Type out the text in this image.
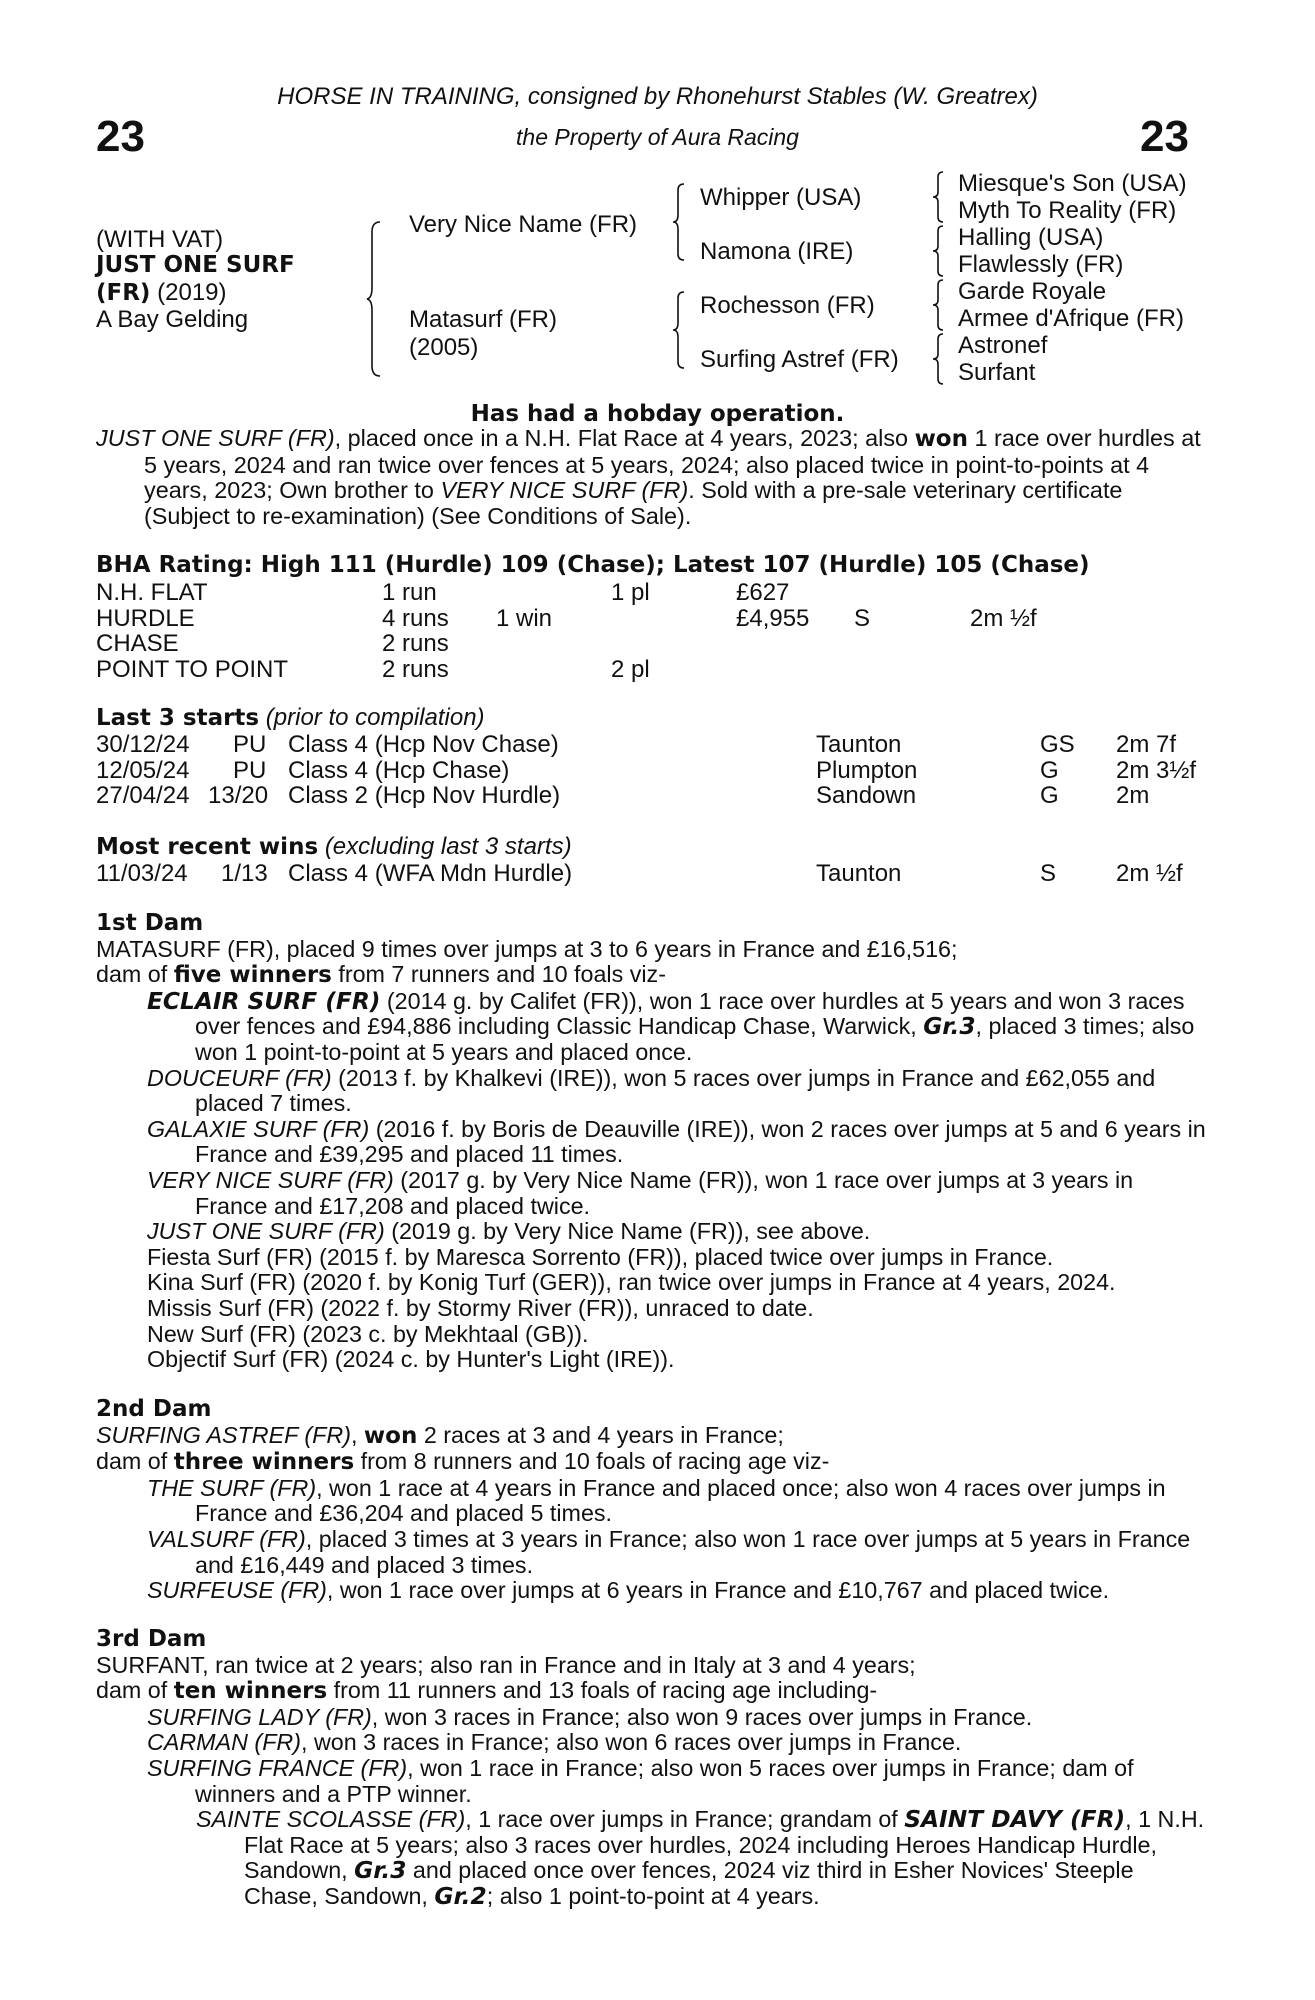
23	23
HORSE IN TRAINING, consigned by Rhonehurst Stables (W. Greatrex)
the Property of Aura Racing
(WITH VAT)
JUST ONE SURF
(FR) (2019)
A Bay Gelding
Very Nice Name (FR)
Matasurf (FR)
(2005)
Whipper (USA)
Namona (IRE)
Rochesson (FR)
Surfing Astref (FR)
Miesque's Son (USA)
Myth To Reality (FR)
Halling (USA)
Flawlessly (FR)
Garde Royale
Armee d'Afrique (FR)
Astronef
Surfant
Has had a hobday operation.

JUST ONE SURF (FR), placed once in a N.H. Flat Race at 4 years, 2023; also won 1 race over hurdles at 5 years, 2024 and ran twice over fences at 5 years, 2024; also placed twice in point-to-points at 4 years, 2023; Own brother to VERY NICE SURF (FR). Sold with a pre-sale veterinary certificate (Subject to re-examination) (See Conditions of Sale).

BHA Rating: High 111 (Hurdle) 109 (Chase); Latest 107 (Hurdle) 105 (Chase)
N.H. FLAT	1 run	1 pl	£627
HURDLE	4 runs 1 win	£4,955 S	2m ½f
CHASE	2 runs
POINT TO POINT	2 runs	2 pl
Last 3 starts (prior to compilation)
30/12/24 PU Class 4 (Hcp Nov Chase)	Taunton	GS 2m 7f
12/05/24 PU Class 4 (Hcp Chase)	Plumpton	G 2m 3½f
27/04/24 13/20 Class 2 (Hcp Nov Hurdle)	Sandown	G 2m
Most recent wins (excluding last 3 starts)
11/03/24 1/13 Class 4 (WFA Mdn Hurdle)	Taunton	S 2m ½f

1st Dam

MATASURF (FR), placed 9 times over jumps at 3 to 6 years in France and £16,516;

dam of five winners from 7 runners and 10 foals viz-

ECLAIR SURF (FR) (2014 g. by Califet (FR)), won 1 race over hurdles at 5 years and won 3 races over fences and £94,886 including Classic Handicap Chase, Warwick, Gr.3, placed 3 times; also won 1 point-to-point at 5 years and placed once.

DOUCEURF (FR) (2013 f. by Khalkevi (IRE)), won 5 races over jumps in France and £62,055 and placed 7 times.

GALAXIE SURF (FR) (2016 f. by Boris de Deauville (IRE)), won 2 races over jumps at 5 and 6 years in France and £39,295 and placed 11 times.

VERY NICE SURF (FR) (2017 g. by Very Nice Name (FR)), won 1 race over jumps at 3 years in France and £17,208 and placed twice.

JUST ONE SURF (FR) (2019 g. by Very Nice Name (FR)), see above.

Fiesta Surf (FR) (2015 f. by Maresca Sorrento (FR)), placed twice over jumps in France.

Kina Surf (FR) (2020 f. by Konig Turf (GER)), ran twice over jumps in France at 4 years, 2024.

Missis Surf (FR) (2022 f. by Stormy River (FR)), unraced to date.

New Surf (FR) (2023 c. by Mekhtaal (GB)).

Objectif Surf (FR) (2024 c. by Hunter's Light (IRE)).

2nd Dam

SURFING ASTREF (FR), won 2 races at 3 and 4 years in France;

dam of three winners from 8 runners and 10 foals of racing age viz-

THE SURF (FR), won 1 race at 4 years in France and placed once; also won 4 races over jumps in France and £36,204 and placed 5 times.

VALSURF (FR), placed 3 times at 3 years in France; also won 1 race over jumps at 5 years in France and £16,449 and placed 3 times.

SURFEUSE (FR), won 1 race over jumps at 6 years in France and £10,767 and placed twice.

3rd Dam

SURFANT, ran twice at 2 years; also ran in France and in Italy at 3 and 4 years;

dam of ten winners from 11 runners and 13 foals of racing age including-

SURFING LADY (FR), won 3 races in France; also won 9 races over jumps in France.

CARMAN (FR), won 3 races in France; also won 6 races over jumps in France.

SURFING FRANCE (FR), won 1 race in France; also won 5 races over jumps in France; dam of winners and a PTP winner.

SAINTE SCOLASSE (FR), 1 race over jumps in France; grandam of SAINT DAVY (FR), 1 N.H. Flat Race at 5 years; also 3 races over hurdles, 2024 including Heroes Handicap Hurdle, Sandown, Gr.3 and placed once over fences, 2024 viz third in Esher Novices' Steeple Chase, Sandown, Gr.2; also 1 point-to-point at 4 years.
